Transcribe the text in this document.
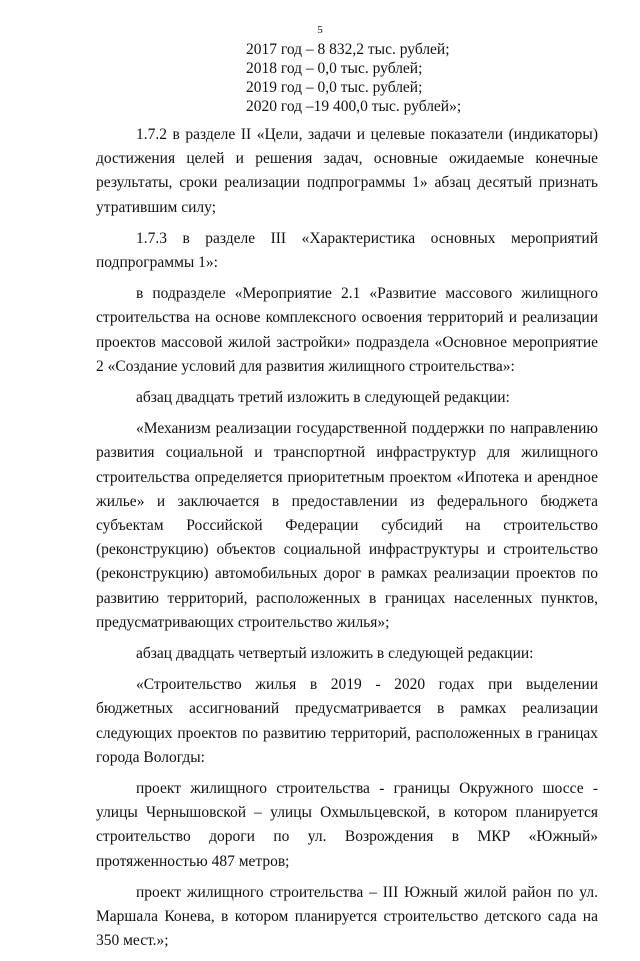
5
2017 год – 8 832,2 тыс. рублей;
2018 год – 0,0 тыс. рублей;
2019 год – 0,0 тыс. рублей;
2020 год –19 400,0 тыс. рублей»;

1.7.2 в разделе II «Цели, задачи и целевые показатели (индикаторы) достижения целей и решения задач, основные ожидаемые конечные результаты, сроки реализации подпрограммы 1» абзац десятый признать утратившим силу;

1.7.3 в разделе III «Характеристика основных мероприятий подпрограммы 1»:

в подразделе «Мероприятие 2.1 «Развитие массового жилищного строительства на основе комплексного освоения территорий и реализации проектов массовой жилой застройки» подраздела «Основное мероприятие 2 «Создание условий для развития жилищного строительства»:

абзац двадцать третий изложить в следующей редакции:

«Механизм реализации государственной поддержки по направлению развития социальной и транспортной инфраструктур для жилищного строительства определяется приоритетным проектом «Ипотека и арендное жилье» и заключается в предоставлении из федерального бюджета субъектам Российской Федерации субсидий на строительство (реконструкцию) объектов социальной инфраструктуры и строительство (реконструкцию) автомобильных дорог в рамках реализации проектов по развитию территорий, расположенных в границах населенных пунктов, предусматривающих строительство жилья»;

абзац двадцать четвертый изложить в следующей редакции:

«Строительство жилья в 2019 - 2020 годах при выделении бюджетных ассигнований предусматривается в рамках реализации следующих проектов по развитию территорий, расположенных в границах города Вологды:

проект жилищного строительства - границы Окружного шоссе - улицы Чернышовской – улицы Охмыльцевской, в котором планируется строительство дороги по ул. Возрождения в МКР «Южный» протяженностью 487 метров;

проект жилищного строительства – III Южный жилой район по ул. Маршала Конева, в котором планируется строительство детского сада на 350 мест.»;
